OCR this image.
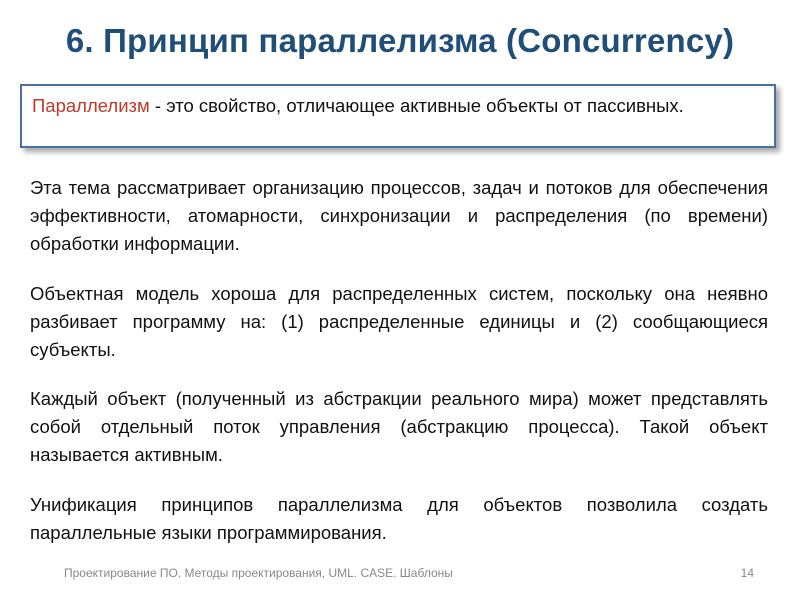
6. Принцип параллелизма (Concurrency)
Параллелизм - это свойство, отличающее активные объекты от пассивных.
Эта тема рассматривает организацию процессов, задач и потоков для обеспечения эффективности, атомарности, синхронизации и распределения (по времени) обработки информации.
Объектная модель хороша для распределенных систем, поскольку она неявно разбивает программу на: (1) распределенные единицы и (2) сообщающиеся субъекты.
Каждый объект (полученный из абстракции реального мира) может представлять собой отдельный поток управления (абстракцию процесса). Такой объект называется активным.
Унификация принципов параллелизма для объектов позволила создать параллельные языки программирования.
Проектирование ПО. Методы проектирования, UML. CASE. Шаблоны	14
